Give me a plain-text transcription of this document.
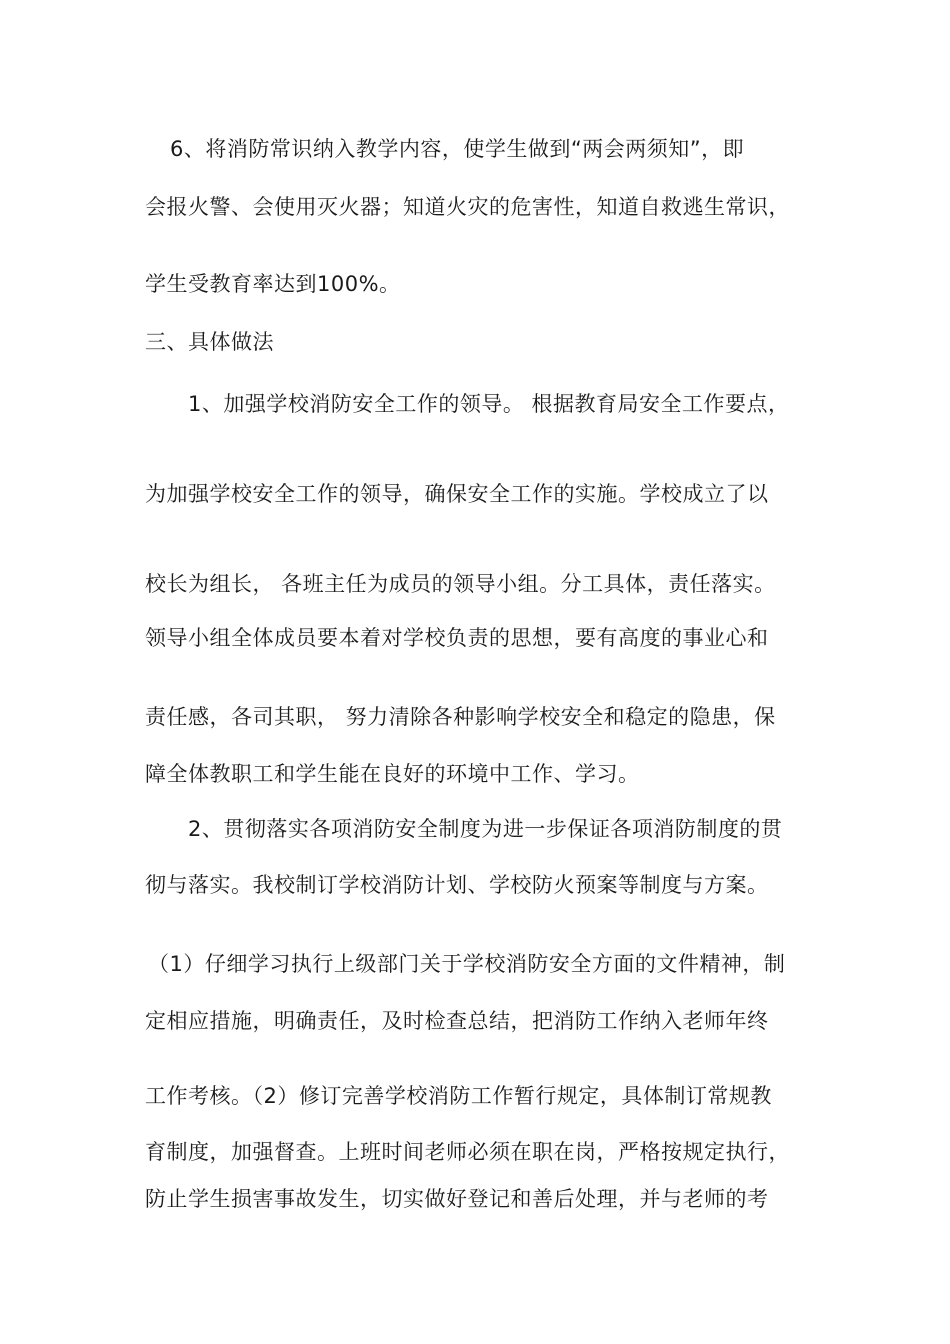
6、将消防常识纳入教学内容，使学生做到“两会两须知”，即
会报火警、会使用灭火器；知道火灾的危害性，知道自救逃生常识，
学生受教育率达到100%。
三、具体做法
1、加强学校消防安全工作的领导。 根据教育局安全工作要点，
为加强学校安全工作的领导，确保安全工作的实施。学校成立了以
校长为组长， 各班主任为成员的领导小组。分工具体，责任落实。
领导小组全体成员要本着对学校负责的思想，要有高度的事业心和
责任感，各司其职， 努力清除各种影响学校安全和稳定的隐患，保
障全体教职工和学生能在良好的环境中工作、学习。
2、贯彻落实各项消防安全制度为进一步保证各项消防制度的贯
彻与落实。我校制订学校消防计划、学校防火预案等制度与方案。
（1）仔细学习执行上级部门关于学校消防安全方面的文件精神，制
定相应措施，明确责任，及时检查总结，把消防工作纳入老师年终
工作考核。（2）修订完善学校消防工作暂行规定，具体制订常规教
育制度，加强督查。上班时间老师必须在职在岗，严格按规定执行，
防止学生损害事故发生，切实做好登记和善后处理，并与老师的考
